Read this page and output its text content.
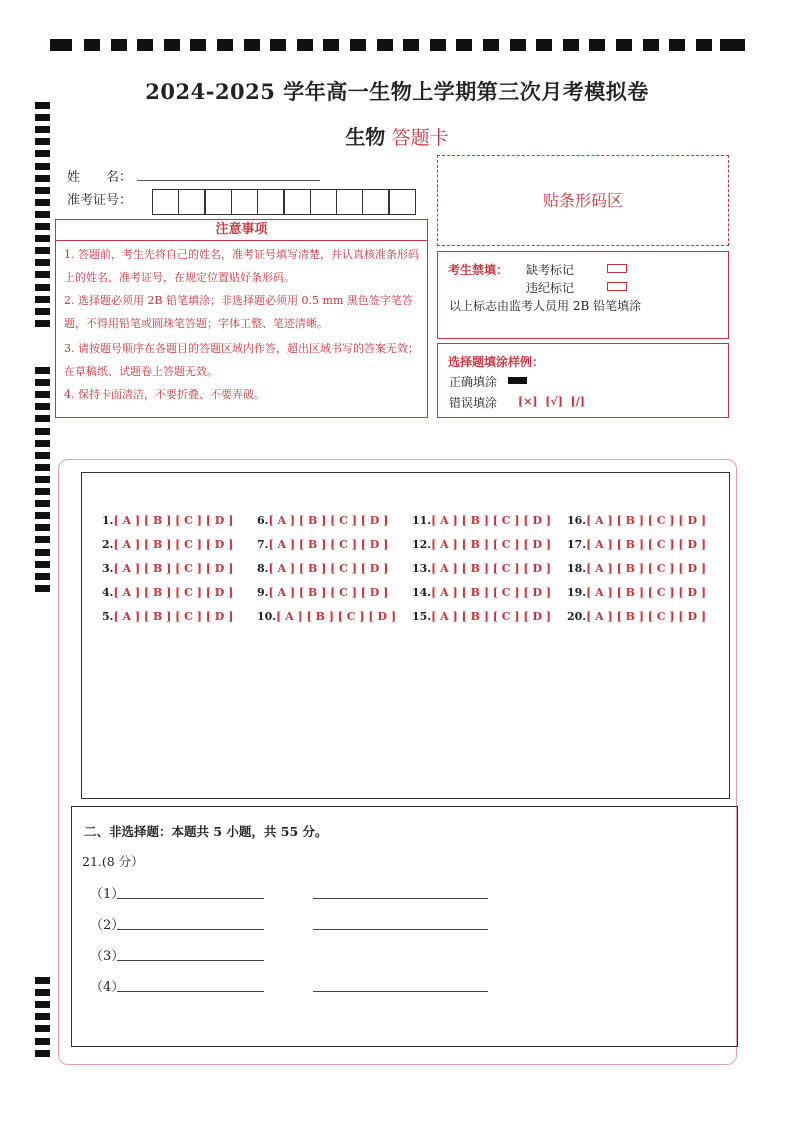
2024-2025 学年高一生物上学期第三次月考模拟卷
生物 答题卡
姓　　名：
准考证号：	贴条形码区
注意事项
1. 答题前，考生先将自己的姓名，准考证号填写清楚，并认真核准条形码上的姓名、准考证号，在规定位置贴好条形码。
2. 选择题必须用 2B 铅笔填涂；非选择题必须用 0.5 mm 黑色签字笔答题，不得用铅笔或圆珠笔答题；字体工整、笔迹清晰。
3. 请按题号顺序在各题目的答题区域内作答，超出区域书写的答案无效；在草稿纸、试题卷上答题无效。
4. 保持卡面清洁，不要折叠、不要弄破。
考生禁填： 缺考标记
违纪标记
以上标志由监考人员用 2B 铅笔填涂
选择题填涂样例：
正确填涂
错误填涂 [×]  [√]  [/]
1.[ A ] [ B ] [ C ] [ D ]
2.[ A ] [ B ] [ C ] [ D ]
3.[ A ] [ B ] [ C ] [ D ]
4.[ A ] [ B ] [ C ] [ D ]
5.[ A ] [ B ] [ C ] [ D ]
6.[ A ] [ B ] [ C ] [ D ]
7.[ A ] [ B ] [ C ] [ D ]
8.[ A ] [ B ] [ C ] [ D ]
9.[ A ] [ B ] [ C ] [ D ]
10.[ A ] [ B ] [ C ] [ D ]
11.[ A ] [ B ] [ C ] [ D ]
12.[ A ] [ B ] [ C ] [ D ]
13.[ A ] [ B ] [ C ] [ D ]
14.[ A ] [ B ] [ C ] [ D ]
15.[ A ] [ B ] [ C ] [ D ]
16.[ A ] [ B ] [ C ] [ D ]
17.[ A ] [ B ] [ C ] [ D ]
18.[ A ] [ B ] [ C ] [ D ]
19.[ A ] [ B ] [ C ] [ D ]
20.[ A ] [ B ] [ C ] [ D ]
二、非选择题：本题共 5 小题，共 55 分。
21.(8 分）
（1）
（2）
（3）
（4）
